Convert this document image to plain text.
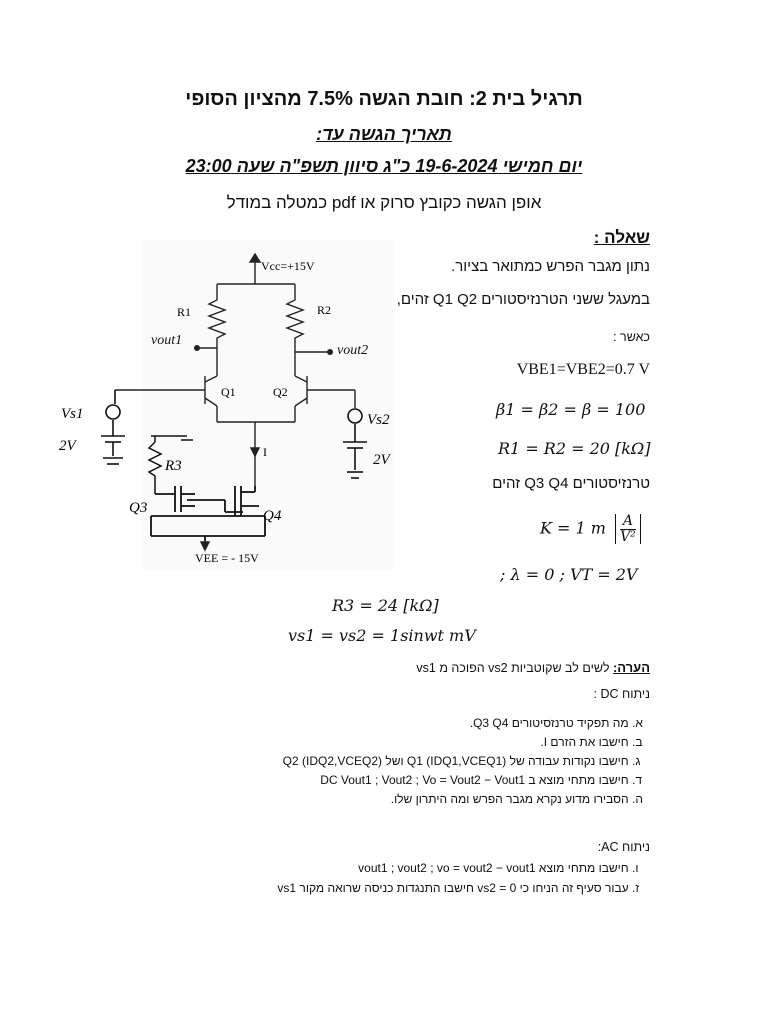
תרגיל בית 2: חובת הגשה 7.5% מהציון הסופי
תאריך הגשה עד:
יום חמישי 19-6-2024 כ"ג סיוון תשפ"ה שעה 23:00
אופן הגשה כקובץ סרוק או pdf כמטלה במודל
שאלה :
נתון מגבר הפרש כמתואר בציור.
במעגל ששני הטרנזיסטורים Q1 Q2 זהים,
כאשר :
VBE1=VBE2=0.7 V
β1 = β2 = β = 100
R1 = R2 = 20 [kΩ]
טרנזיסטורים Q3 Q4 זהים
K = 1 m $\frac{A}{\text{V²}}$
; λ = 0 ; VT = 2V
R3 = 24 [kΩ]
vs1 = vs2 = 1sinwt mV
הערה: לשים לב שקוטביות vs2 הפוכה מ vs1
ניתוח DC :
א. מה תפקיד טרנזסיטורים Q3 Q4.
ב. חישבו את הזרם I.
ג. חישבו נקודות עבודה של Q1 (IDQ1,VCEQ1) ושל Q2 (IDQ2,VCEQ2)
ד. חישבו מתחי מוצא ב DC Vout1 ; Vout2 ; Vo = Vout2 − Vout1
ה. הסבירו מדוע נקרא מגבר הפרש ומה היתרון שלו.
ניתוח AC:
ו. חישבו מתחי מוצא vout1 ; vout2 ; vo = vout2 − vout1
ז. עבור סעיף זה הניחו כי vs2 = 0 חישבו התנגדות כניסה שרואה מקור vs1
Vcc=+15V
R1	R2
vout1
vout2
Q1	Q2
I
Vs1
2V
Vs2
2V
R3
Q3	Q4
VEE = - 15V
